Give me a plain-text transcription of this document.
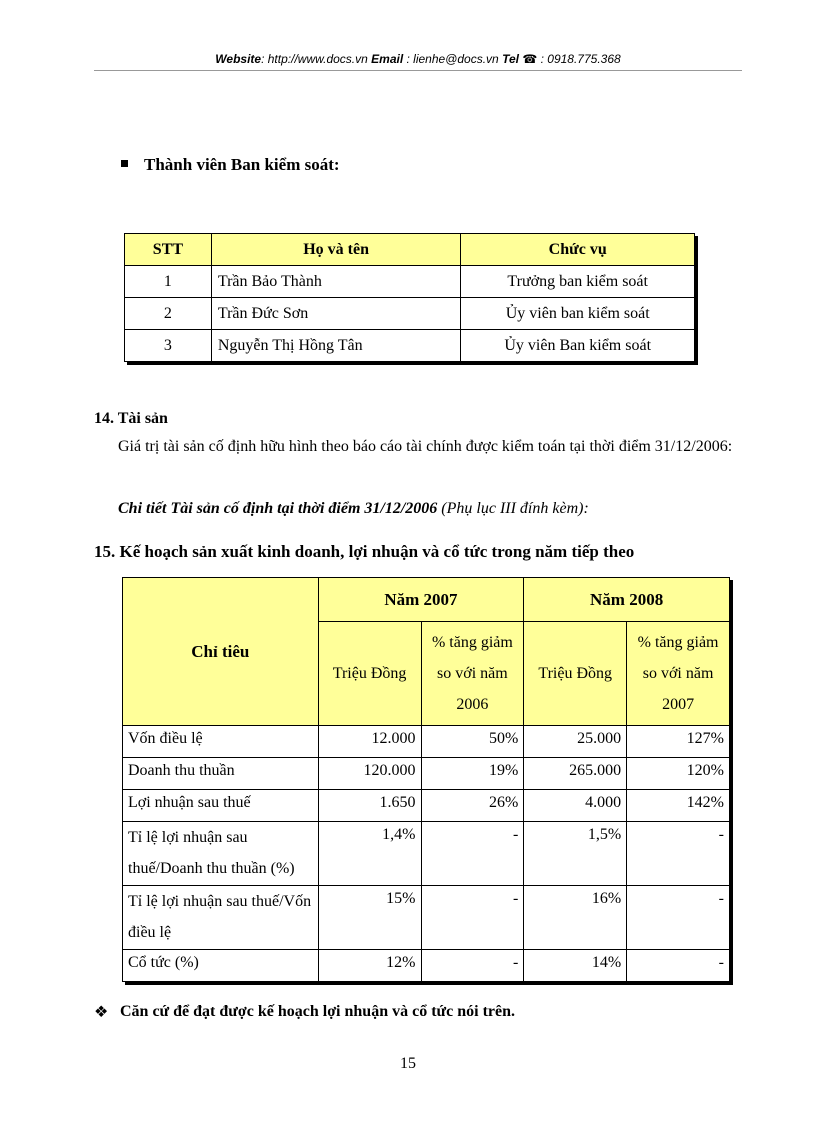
Website: http://www.docs.vn Email : lienhe@docs.vn Tel ☎ : 0918.775.368
Thành viên Ban kiểm soát:
STT	Họ và tên	Chức vụ
1	Trần Bảo Thành	Trưởng ban kiểm soát
2	Trần Đức Sơn	Ủy viên ban kiểm soát
3	Nguyễn Thị Hồng Tân	Ủy viên Ban kiểm soát
14. Tài sản
Giá trị tài sản cố định hữu hình theo báo cáo tài chính được kiểm toán tại thời điểm 31/12/2006:
Chi tiết Tài sản cố định tại thời điểm 31/12/2006 (Phụ lục III đính kèm):
15. Kế hoạch sản xuất kinh doanh, lợi nhuận và cổ tức trong năm tiếp theo
Chỉ tiêu	Năm 2007		Năm 2008	
	Triệu Đồng	% tăng giảm so với năm 2006	Triệu Đồng	% tăng giảm so với năm 2007
Vốn điều lệ	12.000	50%	25.000	127%
Doanh thu thuần	120.000	19%	265.000	120%
Lợi nhuận sau thuế	1.650	26%	4.000	142%
Tỉ lệ lợi nhuận sau thuế/Doanh thu thuần (%)	1,4%	-	1,5%	-
Tỉ lệ lợi nhuận sau thuế/Vốn điều lệ	15%	-	16%	-
Cổ tức (%)	12%	-	14%	-
❖ Căn cứ để đạt được kế hoạch lợi nhuận và cổ tức nói trên.
15
